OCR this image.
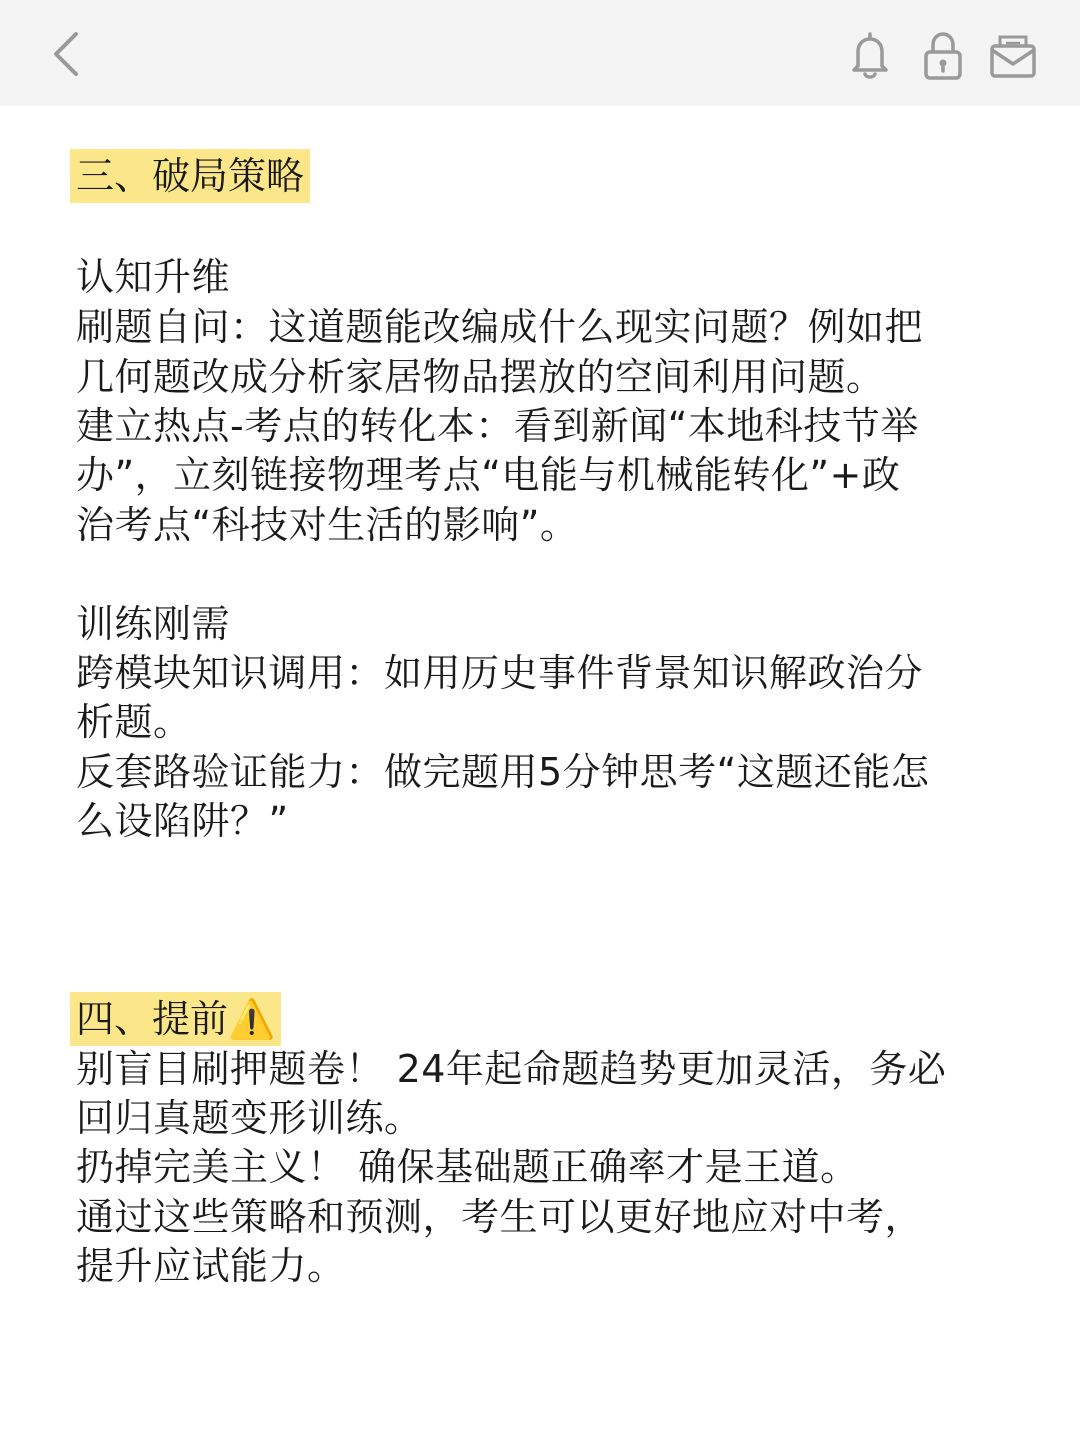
三、破局策略
认知升维
刷题自问：这道题能改编成什么现实问题？例如把
几何题改成分析家居物品摆放的空间利用问题。
建立热点-考点的转化本：看到新闻“本地科技节举
办”，立刻链接物理考点“电能与机械能转化”+政
治考点“科技对生活的影响”。
训练刚需
跨模块知识调用：如用历史事件背景知识解政治分
析题。
反套路验证能力：做完题用5分钟思考“这题还能怎
么设陷阱？”
四、提前⚠️
别盲目刷押题卷！ 24年起命题趋势更加灵活，务必
回归真题变形训练。
扔掉完美主义！ 确保基础题正确率才是王道。
通过这些策略和预测，考生可以更好地应对中考，
提升应试能力。
